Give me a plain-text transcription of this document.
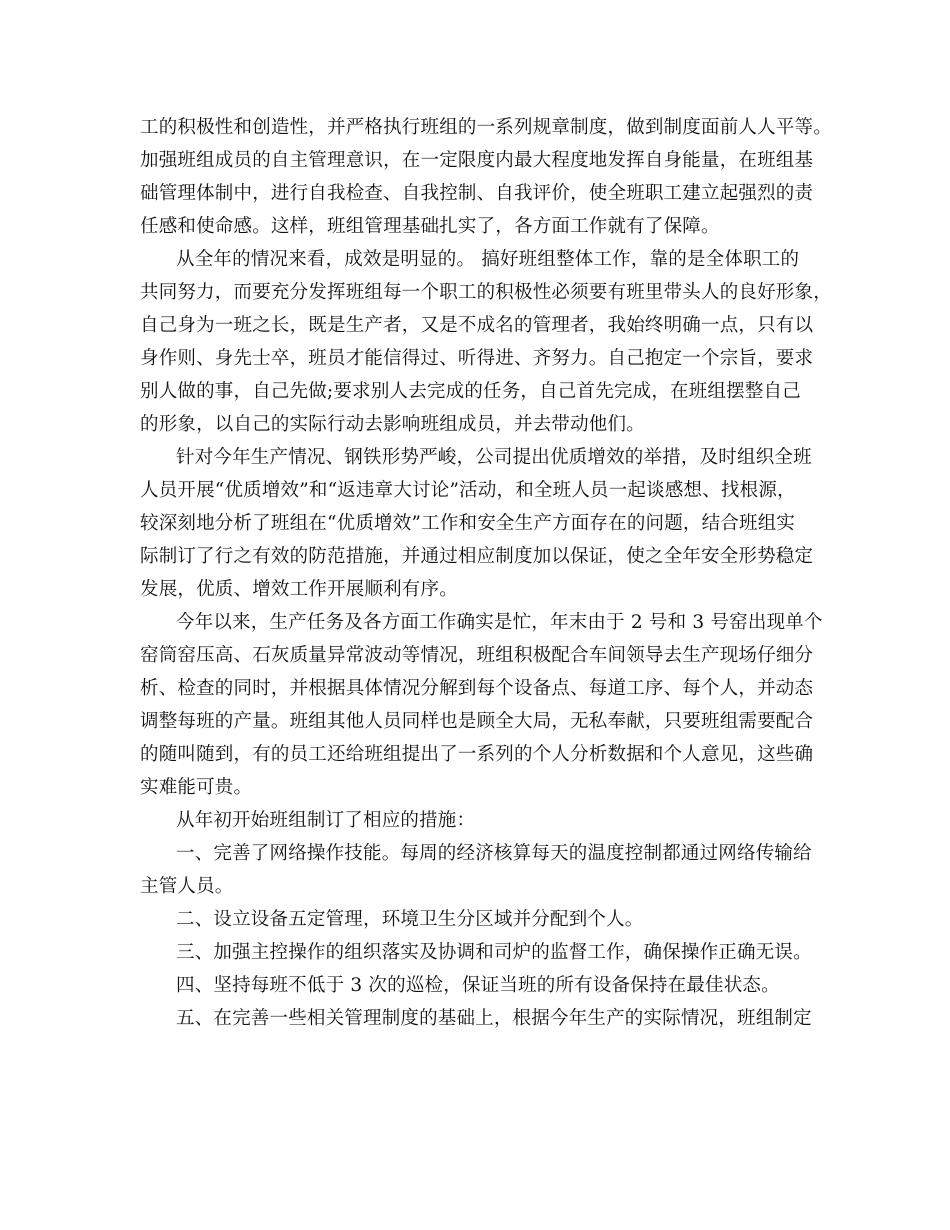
工的积极性和创造性，并严格执行班组的一系列规章制度，做到制度面前人人平等。
加强班组成员的自主管理意识，在一定限度内最大程度地发挥自身能量，在班组基
础管理体制中，进行自我检查、自我控制、自我评价，使全班职工建立起强烈的责
任感和使命感。这样，班组管理基础扎实了，各方面工作就有了保障。
从全年的情况来看，成效是明显的。 搞好班组整体工作，靠的是全体职工的
共同努力，而要充分发挥班组每一个职工的积极性必须要有班里带头人的良好形象，
自己身为一班之长，既是生产者，又是不成名的管理者，我始终明确一点，只有以
身作则、身先士卒，班员才能信得过、听得进、齐努力。自己抱定一个宗旨，要求
别人做的事，自己先做;要求别人去完成的任务，自己首先完成，在班组摆整自己
的形象，以自己的实际行动去影响班组成员，并去带动他们。
针对今年生产情况、钢铁形势严峻，公司提出优质增效的举措，及时组织全班
人员开展“优质增效”和“返违章大讨论”活动，和全班人员一起谈感想、找根源，
较深刻地分析了班组在“优质增效”工作和安全生产方面存在的问题，结合班组实
际制订了行之有效的防范措施，并通过相应制度加以保证，使之全年安全形势稳定
发展，优质、增效工作开展顺利有序。
今年以来，生产任务及各方面工作确实是忙，年末由于 2 号和 3 号窑出现单个
窑筒窑压高、石灰质量异常波动等情况，班组积极配合车间领导去生产现场仔细分
析、检查的同时，并根据具体情况分解到每个设备点、每道工序、每个人，并动态
调整每班的产量。班组其他人员同样也是顾全大局，无私奉献，只要班组需要配合
的随叫随到，有的员工还给班组提出了一系列的个人分析数据和个人意见，这些确
实难能可贵。
从年初开始班组制订了相应的措施：
一、完善了网络操作技能。每周的经济核算每天的温度控制都通过网络传输给
主管人员。
二、设立设备五定管理，环境卫生分区域并分配到个人。
三、加强主控操作的组织落实及协调和司炉的监督工作，确保操作正确无误。
四、坚持每班不低于 3 次的巡检，保证当班的所有设备保持在最佳状态。
五、在完善一些相关管理制度的基础上，根据今年生产的实际情况，班组制定
